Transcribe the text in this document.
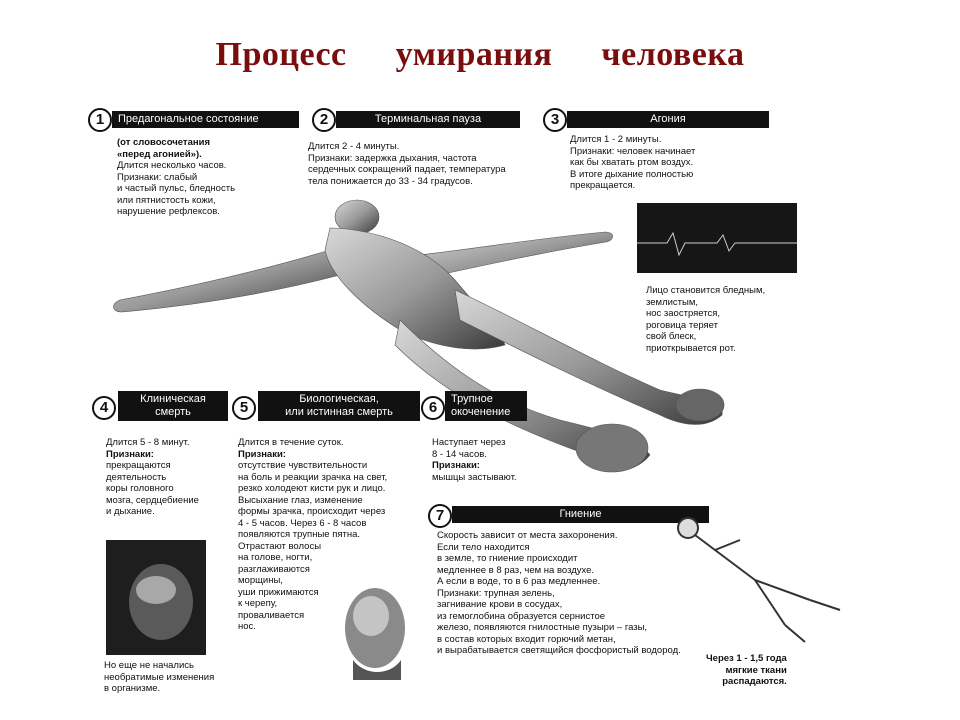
Процесс умирания человека
1	Предагональное состояние
(от словосочетания
«перед агонией»).
Длится несколько часов.
Признаки: слабый
и частый пульс, бледность
или пятнистость кожи,
нарушение рефлексов.
2	Терминальная пауза
Длится 2 - 4 минуты.
Признаки: задержка дыхания, частота
сердечных сокращений падает, температура
тела понижается до 33 - 34 градусов.
3	Агония
Длится 1 - 2 минуты.
Признаки: человек начинает
как бы хватать ртом воздух.
В итоге дыхание полностью
прекращается.
Лицо становится бледным,
землистым,
нос заостряется,
роговица теряет
свой блеск,
приоткрывается рот.
4	Клиническая
смерть
Длится 5 - 8 минут.
Признаки:
прекращаются
деятельность
коры головного
мозга, сердцебиение
и дыхание.
Но еще не начались
необратимые изменения
в организме.
5	Биологическая,
или истинная смерть
Длится в течение суток.
Признаки:
отсутствие чувствительности
на боль и реакции зрачка на свет,
резко холодеют кисти рук и лицо.
Высыхание глаз, изменение
формы зрачка, происходит через
4 - 5 часов. Через 6 - 8 часов
появляются трупные пятна.
Отрастают волосы
на голове, ногти,
разглаживаются
морщины,
уши прижимаются
к черепу,
проваливается
нос.
6	Трупное
окоченение
Наступает через
8 - 14 часов.
Признаки:
мышцы застывают.
7	Гниение
Скорость зависит от места захоронения.
Если тело находится
в земле, то гниение происходит
медленнее в 8 раз, чем на воздухе.
А если в воде, то в 6 раз медленнее.
Признаки: трупная зелень,
загнивание крови в сосудах,
из гемоглобина образуется сернистое
железо, появляются гнилостные пузыри – газы,
в состав которых входит горючий метан,
и вырабатывается светящийся фосфористый водород.
Через 1 - 1,5 года
мягкие ткани
распадаются.
